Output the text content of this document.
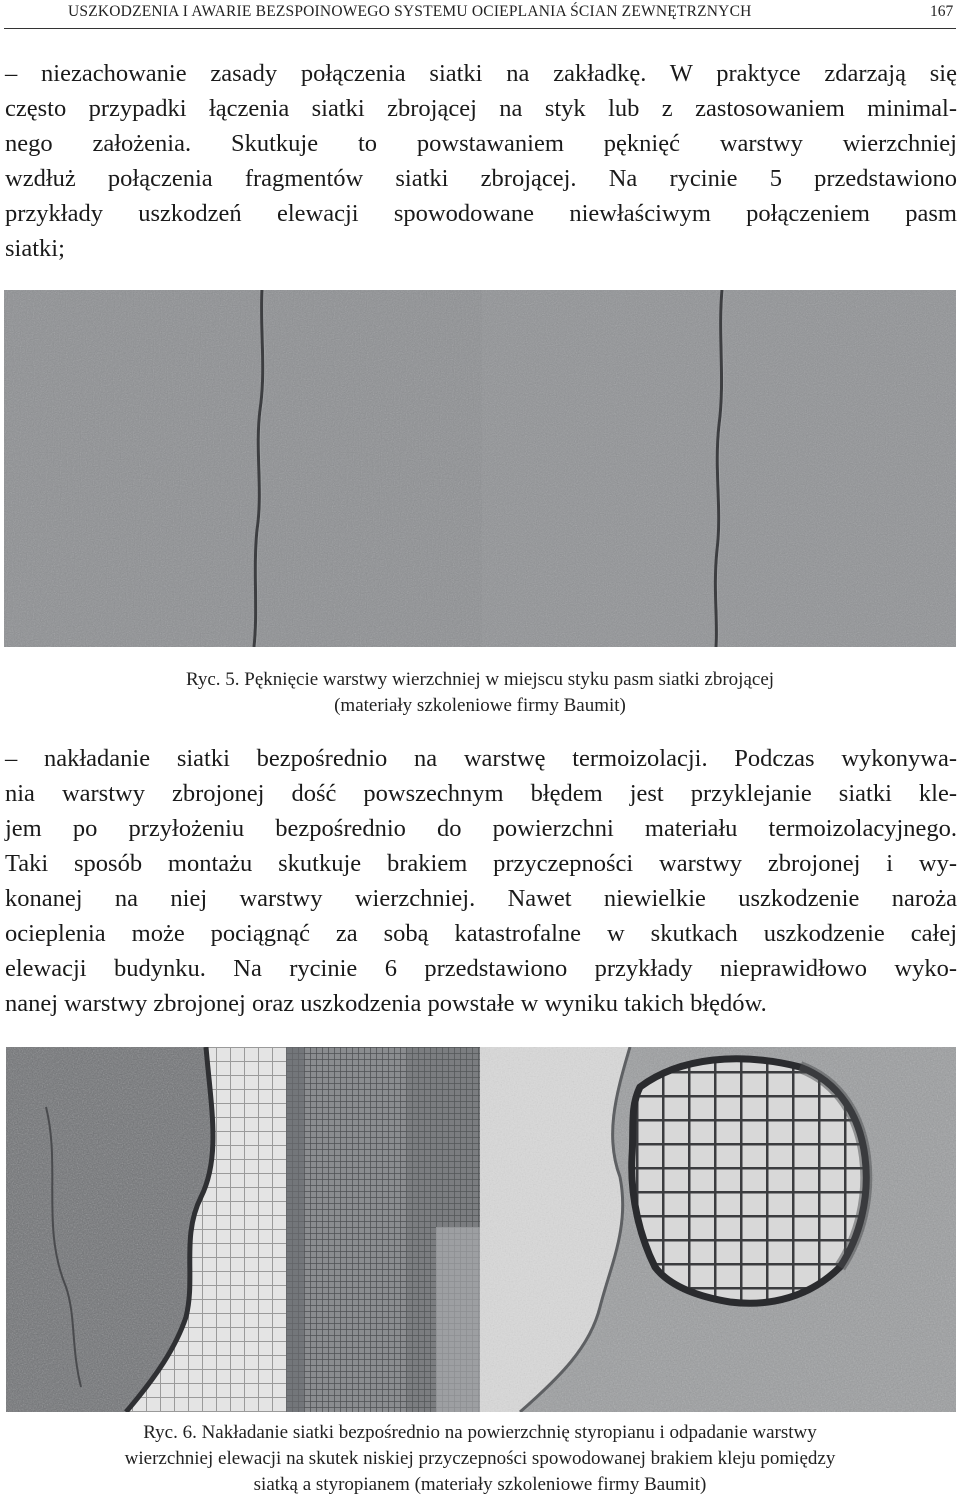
USZKODZENIA I AWARIE BEZSPOINOWEGO SYSTEMU OCIEPLANIA ŚCIAN ZEWNĘTRZNYCH	167
– niezachowanie zasady połączenia siatki na zakładkę. W praktyce zdarzają się
często przypadki łączenia siatki zbrojącej na styk lub z zastosowaniem minimal-
nego założenia. Skutkuje to powstawaniem pęknięć warstwy wierzchniej
wzdłuż połączenia fragmentów siatki zbrojącej. Na rycinie 5 przedstawiono
przykłady uszkodzeń elewacji spowodowane niewłaściwym połączeniem pasm
siatki;
Ryc. 5. Pęknięcie warstwy wierzchniej w miejscu styku pasm siatki zbrojącej
(materiały szkoleniowe firmy Baumit)
– nakładanie siatki bezpośrednio na warstwę termoizolacji. Podczas wykonywa-
nia warstwy zbrojonej dość powszechnym błędem jest przyklejanie siatki kle-
jem po przyłożeniu bezpośrednio do powierzchni materiału termoizolacyjnego.
Taki sposób montażu skutkuje brakiem przyczepności warstwy zbrojonej i wy-
konanej na niej warstwy wierzchniej. Nawet niewielkie uszkodzenie naroża
ocieplenia może pociągnąć za sobą katastrofalne w skutkach uszkodzenie całej
elewacji budynku. Na rycinie 6 przedstawiono przykłady nieprawidłowo wyko-
nanej warstwy zbrojonej oraz uszkodzenia powstałe w wyniku takich błędów.
Ryc. 6. Nakładanie siatki bezpośrednio na powierzchnię styropianu i odpadanie warstwy
wierzchniej elewacji na skutek niskiej przyczepności spowodowanej brakiem kleju pomiędzy
siatką a styropianem (materiały szkoleniowe firmy Baumit)
